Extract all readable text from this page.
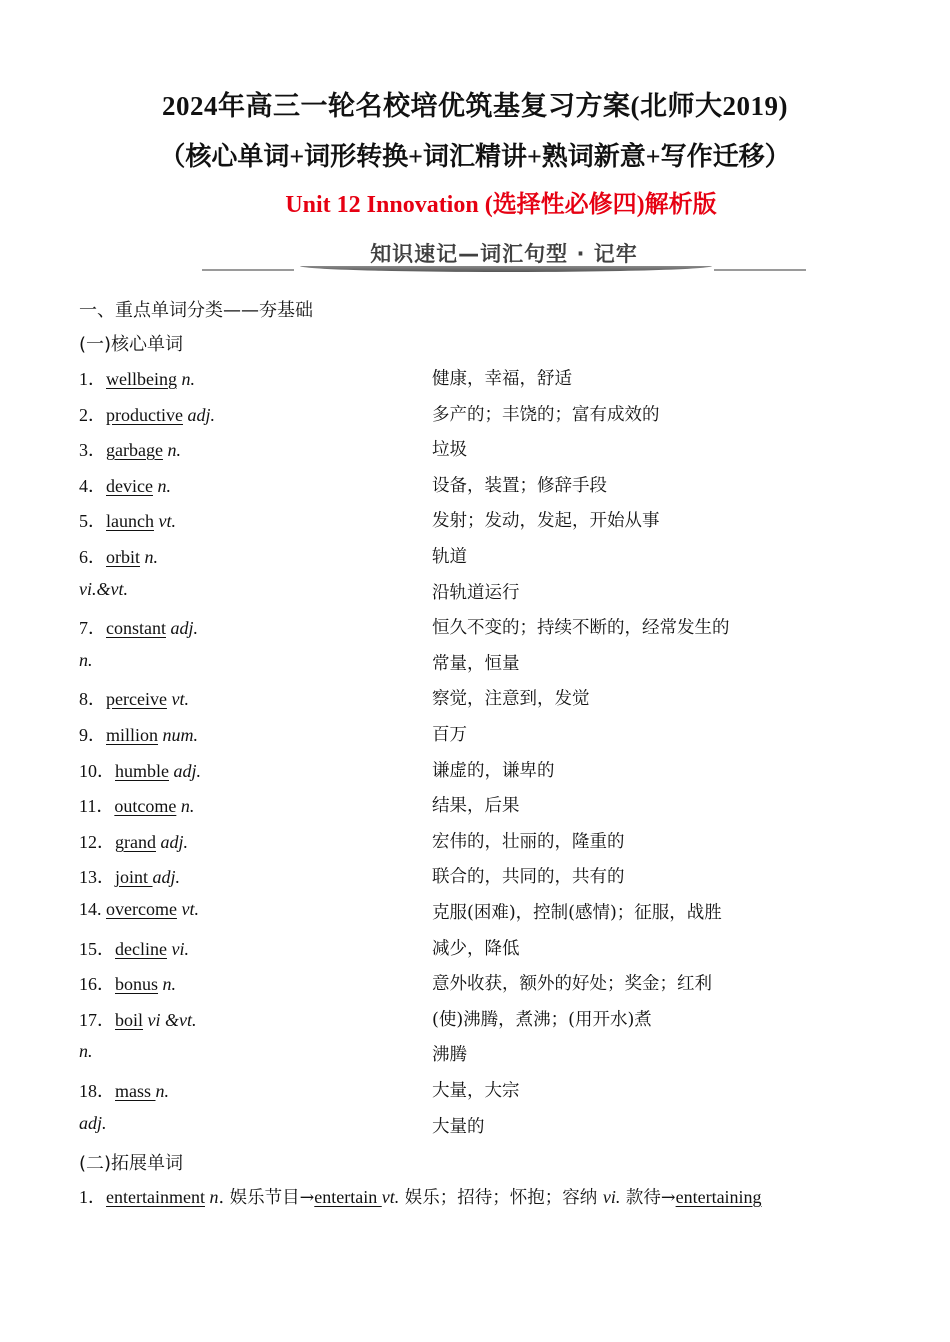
2024年高三一轮名校培优筑基复习方案(北师大2019)
（核心单词+词形转换+词汇精讲+熟词新意+写作迁移）
Unit 12 Innovation (选择性必修四)解析版
知识速记—词汇句型 · 记牢
一、重点单词分类——夯基础
(一)核心单词
1．wellbeing n.	健康，幸福，舒适
2．productive adj.	多产的；丰饶的；富有成效的
3．garbage n.	垃圾
4．device n.	设备，装置；修辞手段
5．launch vt.	发射；发动，发起，开始从事
6．orbit n.	轨道
vi.&vt.	沿轨道运行
7．constant adj.	恒久不变的；持续不断的，经常发生的
n.	常量，恒量
8．perceive vt.	察觉，注意到，发觉
9．million num.	百万
10．humble adj.	谦虚的，谦卑的
11．outcome n.	结果，后果
12．grand adj.	宏伟的，壮丽的，隆重的
13．joint adj.	联合的，共同的，共有的
14. overcome vt.	克服(困难)，控制(感情)；征服，战胜
15．decline vi.	减少，降低
16．bonus n.	意外收获，额外的好处；奖金；红利
17．boil vi &vt.	(使)沸腾，煮沸；(用开水)煮
n.	沸腾
18．mass n.	大量，大宗
adj.	大量的
(二)拓展单词
1．entertainment n. 娱乐节目→entertain vt. 娱乐；招待；怀抱；容纳 vi. 款待→entertaining
